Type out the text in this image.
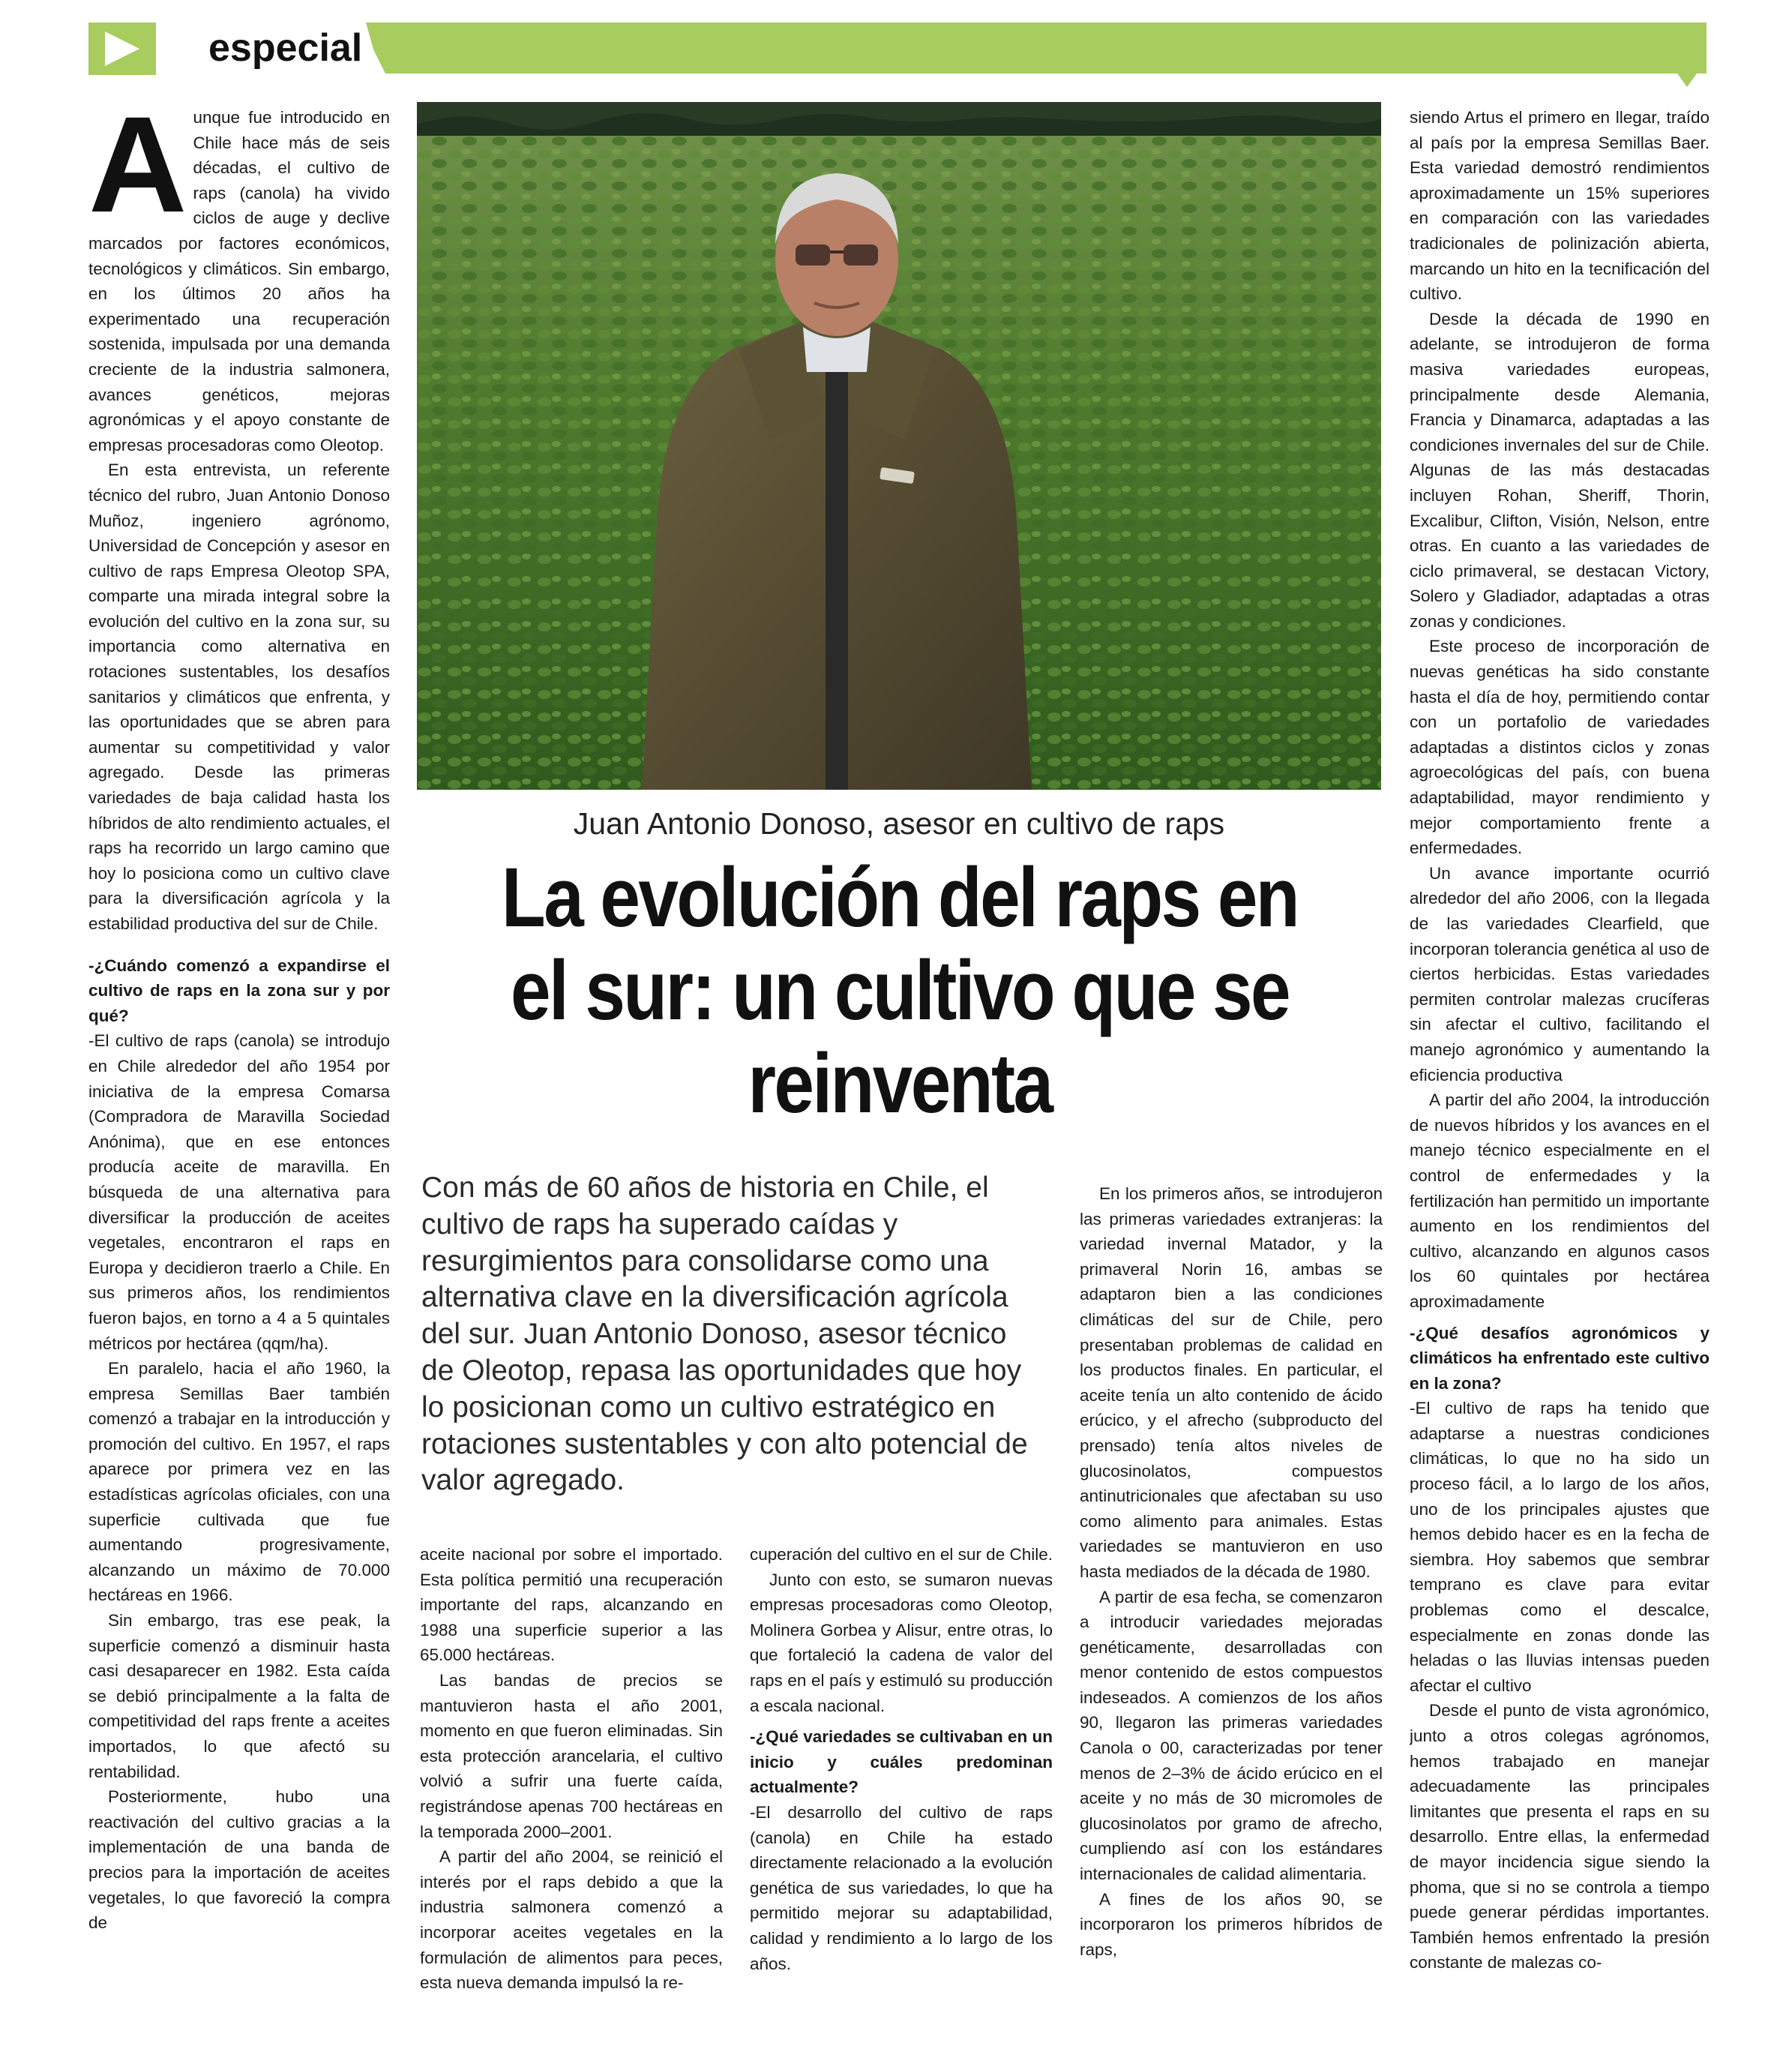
especial
Juan Antonio Donoso, asesor en cultivo de raps
La evolución del raps en
el sur: un cultivo que se
reinventa
Con más de 60 años de historia en Chile, el cultivo de raps ha superado caídas y resurgimientos para consolidarse como una alternativa clave en la diversificación agrícola del sur. Juan Antonio Donoso, asesor técnico de Oleotop, repasa las oportunidades que hoy lo posicionan como un cultivo estratégico en rotaciones sustentables y con alto potencial de valor agregado.
A unque fue introducido en Chile hace más de seis décadas, el cultivo de raps (canola) ha vivido ciclos de auge y declive marcados por factores económicos, tecnológicos y climáticos. Sin embargo, en los últimos 20 años ha experimentado una recuperación sostenida, impulsada por una demanda creciente de la industria salmonera, avances genéticos, mejoras agronómicas y el apoyo constante de empresas procesadoras como Oleotop.

En esta entrevista, un referente técnico del rubro, Juan Antonio Donoso Muñoz, ingeniero agrónomo, Universidad de Concepción y asesor en cultivo de raps Empresa Oleotop SPA, comparte una mirada integral sobre la evolución del cultivo en la zona sur, su importancia como alternativa en rotaciones sustentables, los desafíos sanitarios y climáticos que enfrenta, y las oportunidades que se abren para aumentar su competitividad y valor agregado. Desde las primeras variedades de baja calidad hasta los híbridos de alto rendimiento actuales, el raps ha recorrido un largo camino que hoy lo posiciona como un cultivo clave para la diversificación agrícola y la estabilidad productiva del sur de Chile.

-¿Cuándo comenzó a expandirse el cultivo de raps en la zona sur y por qué?

-El cultivo de raps (canola) se introdujo en Chile alrededor del año 1954 por iniciativa de la empresa Comarsa (Compradora de Maravilla Sociedad Anónima), que en ese entonces producía aceite de maravilla. En búsqueda de una alternativa para diversificar la producción de aceites vegetales, encontraron el raps en Europa y decidieron traerlo a Chile. En sus primeros años, los rendimientos fueron bajos, en torno a 4 a 5 quintales métricos por hectárea (qqm/ha).

En paralelo, hacia el año 1960, la empresa Semillas Baer también comenzó a trabajar en la introducción y promoción del cultivo. En 1957, el raps aparece por primera vez en las estadísticas agrícolas oficiales, con una superficie cultivada que fue aumentando progresivamente, alcanzando un máximo de 70.000 hectáreas en 1966.

Sin embargo, tras ese peak, la superficie comenzó a disminuir hasta casi desaparecer en 1982. Esta caída se debió principalmente a la falta de competitividad del raps frente a aceites importados, lo que afectó su rentabilidad.

Posteriormente, hubo una reactivación del cultivo gracias a la implementación de una banda de precios para la importación de aceites vegetales, lo que favoreció la compra de

aceite nacional por sobre el importado. Esta política permitió una recuperación importante del raps, alcanzando en 1988 una superficie superior a las 65.000 hectáreas.

Las bandas de precios se mantuvieron hasta el año 2001, momento en que fueron eliminadas. Sin esta protección arancelaria, el cultivo volvió a sufrir una fuerte caída, registrándose apenas 700 hectáreas en la temporada 2000–2001.

A partir del año 2004, se reinició el interés por el raps debido a que la industria salmonera comenzó a incorporar aceites vegetales en la formulación de alimentos para peces, esta nueva demanda impulsó la re-

cuperación del cultivo en el sur de Chile.

Junto con esto, se sumaron nuevas empresas procesadoras como Oleotop, Molinera Gorbea y Alisur, entre otras, lo que fortaleció la cadena de valor del raps en el país y estimuló su producción a escala nacional.

-¿Qué variedades se cultivaban en un inicio y cuáles predominan actualmente?

-El desarrollo del cultivo de raps (canola) en Chile ha estado directamente relacionado a la evolución genética de sus variedades, lo que ha permitido mejorar su adaptabilidad, calidad y rendimiento a lo largo de los años.

En los primeros años, se introdujeron las primeras variedades extranjeras: la variedad invernal Matador, y la primaveral Norin 16, ambas se adaptaron bien a las condiciones climáticas del sur de Chile, pero presentaban problemas de calidad en los productos finales. En particular, el aceite tenía un alto contenido de ácido erúcico, y el afrecho (subproducto del prensado) tenía altos niveles de glucosinolatos, compuestos antinutricionales que afectaban su uso como alimento para animales. Estas variedades se mantuvieron en uso hasta mediados de la década de 1980.

A partir de esa fecha, se comenzaron a introducir variedades mejoradas genéticamente, desarrolladas con menor contenido de estos compuestos indeseados. A comienzos de los años 90, llegaron las primeras variedades Canola o 00, caracterizadas por tener menos de 2–3% de ácido erúcico en el aceite y no más de 30 micromoles de glucosinolatos por gramo de afrecho, cumpliendo así con los estándares internacionales de calidad alimentaria.

A fines de los años 90, se incorporaron los primeros híbridos de raps,

siendo Artus el primero en llegar, traído al país por la empresa Semillas Baer. Esta variedad demostró rendimientos aproximadamente un 15% superiores en comparación con las variedades tradicionales de polinización abierta, marcando un hito en la tecnificación del cultivo.

Desde la década de 1990 en adelante, se introdujeron de forma masiva variedades europeas, principalmente desde Alemania, Francia y Dinamarca, adaptadas a las condiciones invernales del sur de Chile. Algunas de las más destacadas incluyen Rohan, Sheriff, Thorin, Excalibur, Clifton, Visión, Nelson, entre otras. En cuanto a las variedades de ciclo primaveral, se destacan Victory, Solero y Gladiador, adaptadas a otras zonas y condiciones.

Este proceso de incorporación de nuevas genéticas ha sido constante hasta el día de hoy, permitiendo contar con un portafolio de variedades adaptadas a distintos ciclos y zonas agroecológicas del país, con buena adaptabilidad, mayor rendimiento y mejor comportamiento frente a enfermedades.

Un avance importante ocurrió alrededor del año 2006, con la llegada de las variedades Clearfield, que incorporan tolerancia genética al uso de ciertos herbicidas. Estas variedades permiten controlar malezas crucíferas sin afectar el cultivo, facilitando el manejo agronómico y aumentando la eficiencia productiva

A partir del año 2004, la introducción de nuevos híbridos y los avances en el manejo técnico especialmente en el control de enfermedades y la fertilización han permitido un importante aumento en los rendimientos del cultivo, alcanzando en algunos casos los 60 quintales por hectárea aproximadamente

-¿Qué desafíos agronómicos y climáticos ha enfrentado este cultivo en la zona?

-El cultivo de raps ha tenido que adaptarse a nuestras condiciones climáticas, lo que no ha sido un proceso fácil, a lo largo de los años, uno de los principales ajustes que hemos debido hacer es en la fecha de siembra. Hoy sabemos que sembrar temprano es clave para evitar problemas como el descalce, especialmente en zonas donde las heladas o las lluvias intensas pueden afectar el cultivo

Desde el punto de vista agronómico, junto a otros colegas agrónomos, hemos trabajado en manejar adecuadamente las principales limitantes que presenta el raps en su desarrollo. Entre ellas, la enfermedad de mayor incidencia sigue siendo la phoma, que si no se controla a tiempo puede generar pérdidas importantes. También hemos enfrentado la presión constante de malezas co-
